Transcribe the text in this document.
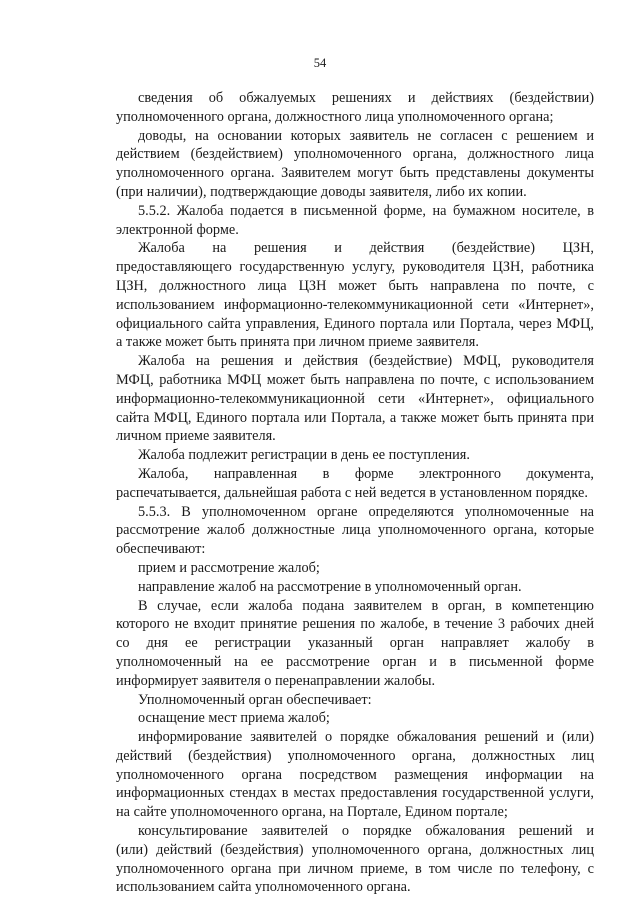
54
сведения об обжалуемых решениях и действиях (бездействии)
уполномоченного органа, должностного лица уполномоченного органа;
доводы, на основании которых заявитель не согласен с решением и
действием (бездействием) уполномоченного органа, должностного лица
уполномоченного органа. Заявителем могут быть представлены документы
(при наличии), подтверждающие доводы заявителя, либо их копии.
5.5.2. Жалоба подается в письменной форме, на бумажном носителе, в
электронной форме.
Жалоба на решения и действия (бездействие) ЦЗН,
предоставляющего государственную услугу, руководителя ЦЗН, работника
ЦЗН, должностного лица ЦЗН может быть направлена по почте, с
использованием информационно-телекоммуникационной сети «Интернет»,
официального сайта управления, Единого портала или Портала, через МФЦ,
а также может быть принята при личном приеме заявителя.
Жалоба на решения и действия (бездействие) МФЦ, руководителя
МФЦ, работника МФЦ может быть направлена по почте, с использованием
информационно-телекоммуникационной сети «Интернет», официального
сайта МФЦ, Единого портала или Портала, а также может быть принята при
личном приеме заявителя.
Жалоба подлежит регистрации в день ее поступления.
Жалоба, направленная в форме электронного документа,
распечатывается, дальнейшая работа с ней ведется в установленном порядке.
5.5.3. В уполномоченном органе определяются уполномоченные на
рассмотрение жалоб должностные лица уполномоченного органа, которые
обеспечивают:
прием и рассмотрение жалоб;
направление жалоб на рассмотрение в уполномоченный орган.
В случае, если жалоба подана заявителем в орган, в компетенцию
которого не входит принятие решения по жалобе, в течение 3 рабочих дней
со дня ее регистрации указанный орган направляет жалобу в
уполномоченный на ее рассмотрение орган и в письменной форме
информирует заявителя о перенаправлении жалобы.
Уполномоченный орган обеспечивает:
оснащение мест приема жалоб;
информирование заявителей о порядке обжалования решений и (или)
действий (бездействия) уполномоченного органа, должностных лиц
уполномоченного органа посредством размещения информации на
информационных стендах в местах предоставления государственной услуги,
на сайте уполномоченного органа, на Портале, Едином портале;
консультирование заявителей о порядке обжалования решений и
(или) действий (бездействия) уполномоченного органа, должностных лиц
уполномоченного органа при личном приеме, в том числе по телефону, с
использованием сайта уполномоченного органа.
